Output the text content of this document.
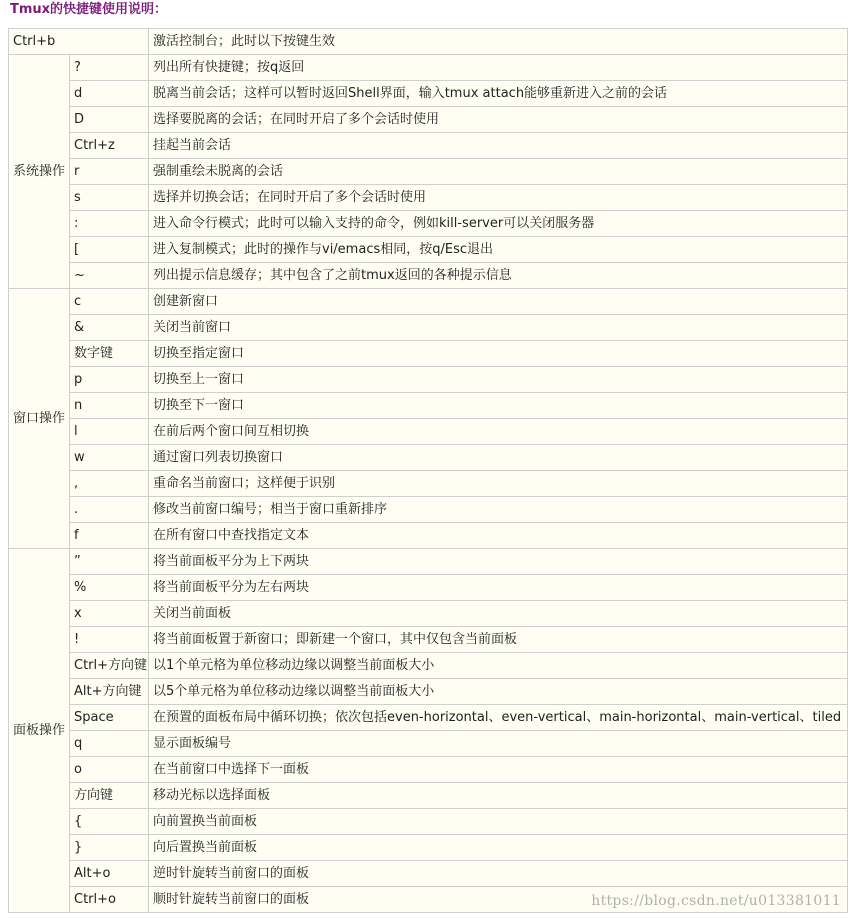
Tmux的快捷键使用说明：
Ctrl+b		激活控制台；此时以下按键生效
系统操作	?	列出所有快捷键；按q返回
	d	脱离当前会话；这样可以暂时返回Shell界面，输入tmux attach能够重新进入之前的会话
	D	选择要脱离的会话；在同时开启了多个会话时使用
	Ctrl+z	挂起当前会话
	r	强制重绘未脱离的会话
	s	选择并切换会话；在同时开启了多个会话时使用
	:	进入命令行模式；此时可以输入支持的命令，例如kill-server可以关闭服务器
	[	进入复制模式；此时的操作与vi/emacs相同，按q/Esc退出
	~	列出提示信息缓存；其中包含了之前tmux返回的各种提示信息
窗口操作	c	创建新窗口
	&	关闭当前窗口
	数字键	切换至指定窗口
	p	切换至上一窗口
	n	切换至下一窗口
	l	在前后两个窗口间互相切换
	w	通过窗口列表切换窗口
	,	重命名当前窗口；这样便于识别
	.	修改当前窗口编号；相当于窗口重新排序
	f	在所有窗口中查找指定文本
面板操作	”	将当前面板平分为上下两块
	%	将当前面板平分为左右两块
	x	关闭当前面板
	!	将当前面板置于新窗口；即新建一个窗口，其中仅包含当前面板
	Ctrl+方向键	以1个单元格为单位移动边缘以调整当前面板大小
	Alt+方向键	以5个单元格为单位移动边缘以调整当前面板大小
	Space	在预置的面板布局中循环切换；依次包括even-horizontal、even-vertical、main-horizontal、main-vertical、tiled
	q	显示面板编号
	o	在当前窗口中选择下一面板
	方向键	移动光标以选择面板
	{	向前置换当前面板
	}	向后置换当前面板
	Alt+o	逆时针旋转当前窗口的面板
	Ctrl+o	顺时针旋转当前窗口的面板	https://blog.csdn.net/u013381011
